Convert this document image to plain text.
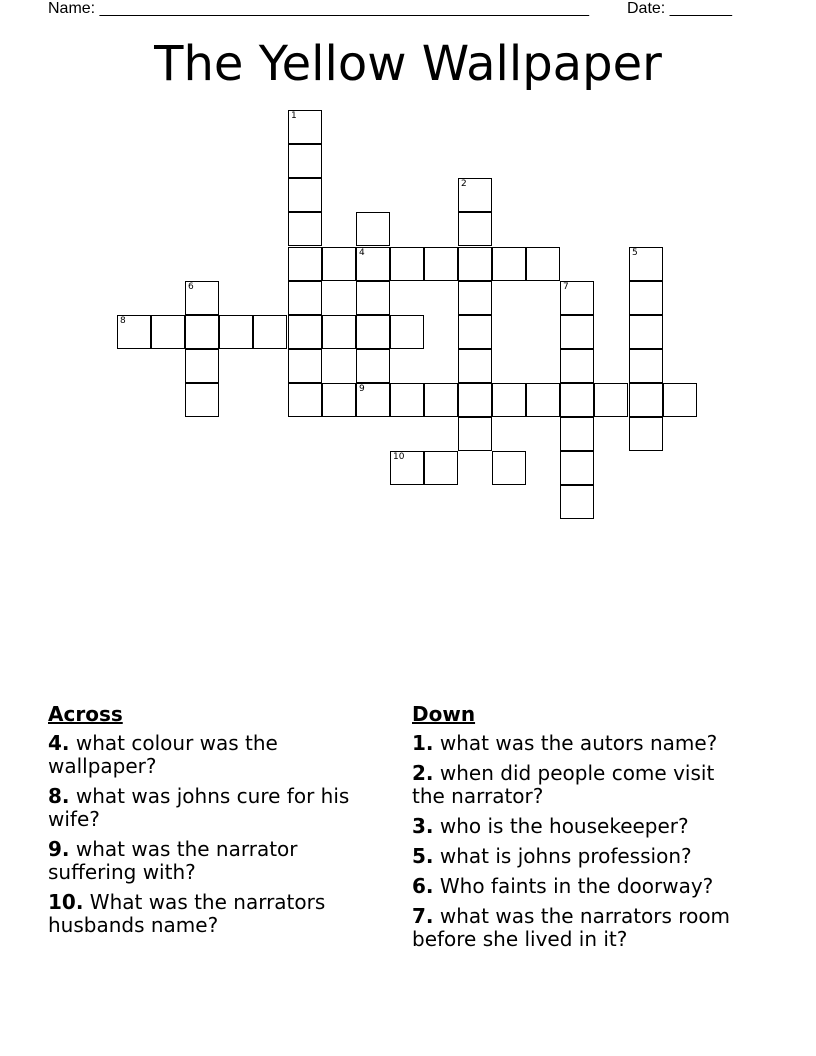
Name: _______________________________________________________ Date: _______
The Yellow Wallpaper
1
2
4
9
5
6
8
7
10
Across
4. what colour was the wallpaper?
8. what was johns cure for his wife?
9. what was the narrator suffering with?
10. What was the narrators husbands name?
Down
1. what was the autors name?
2. when did people come visit the narrator?
3. who is the housekeeper?
5. what is johns profession?
6. Who faints in the doorway?
7. what was the narrators room before she lived in it?
